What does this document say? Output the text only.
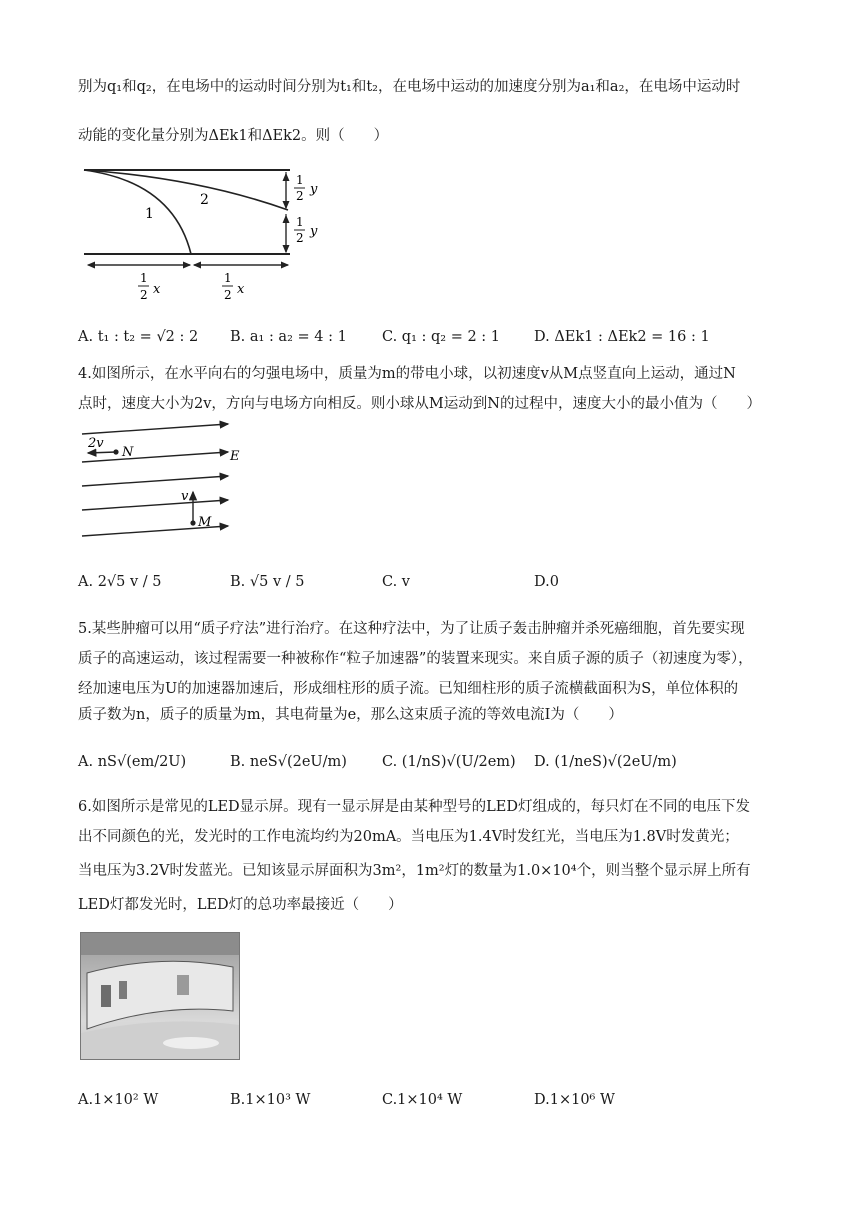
别为q₁和q₂，在电场中的运动时间分别为t₁和t₂，在电场中运动的加速度分别为a₁和a₂，在电场中运动时
动能的变化量分别为ΔEk1和ΔEk2。则（　　）
1
2
1
2 y
1
2 y
1
2 x
1
2 x
A. t₁ : t₂ = √2 : 2 B. a₁ : a₂ = 4 : 1 C. q₁ : q₂ = 2 : 1 D. ΔEk1 : ΔEk2 = 16 : 1
4.如图所示，在水平向右的匀强电场中，质量为m的带电小球，以初速度v从M点竖直向上运动，通过N
点时，速度大小为2v，方向与电场方向相反。则小球从M运动到N的过程中，速度大小的最小值为（　　）
2v
N	E
v
M
A. 2√5 v / 5	B. √5 v / 5	C. v	D.0
5.某些肿瘤可以用“质子疗法”进行治疗。在这种疗法中，为了让质子轰击肿瘤并杀死癌细胞，首先要实现
质子的高速运动，该过程需要一种被称作“粒子加速器”的装置来现实。来自质子源的质子（初速度为零），
经加速电压为U的加速器加速后，形成细柱形的质子流。已知细柱形的质子流横截面积为S，单位体积的
质子数为n，质子的质量为m，其电荷量为e，那么这束质子流的等效电流I为（　　）
A. nS√(em/2U)	B. neS√(2eU/m) C. (1/nS)√(U/2em) D. (1/neS)√(2eU/m)
6.如图所示是常见的LED显示屏。现有一显示屏是由某种型号的LED灯组成的，每只灯在不同的电压下发
出不同颜色的光，发光时的工作电流均约为20mA。当电压为1.4V时发红光，当电压为1.8V时发黄光；
当电压为3.2V时发蓝光。已知该显示屏面积为3m²，1m²灯的数量为1.0×10⁴个，则当整个显示屏上所有
LED灯都发光时，LED灯的总功率最接近（　　）
A.1×10² W	B.1×10³ W	C.1×10⁴ W	D.1×10⁶ W
